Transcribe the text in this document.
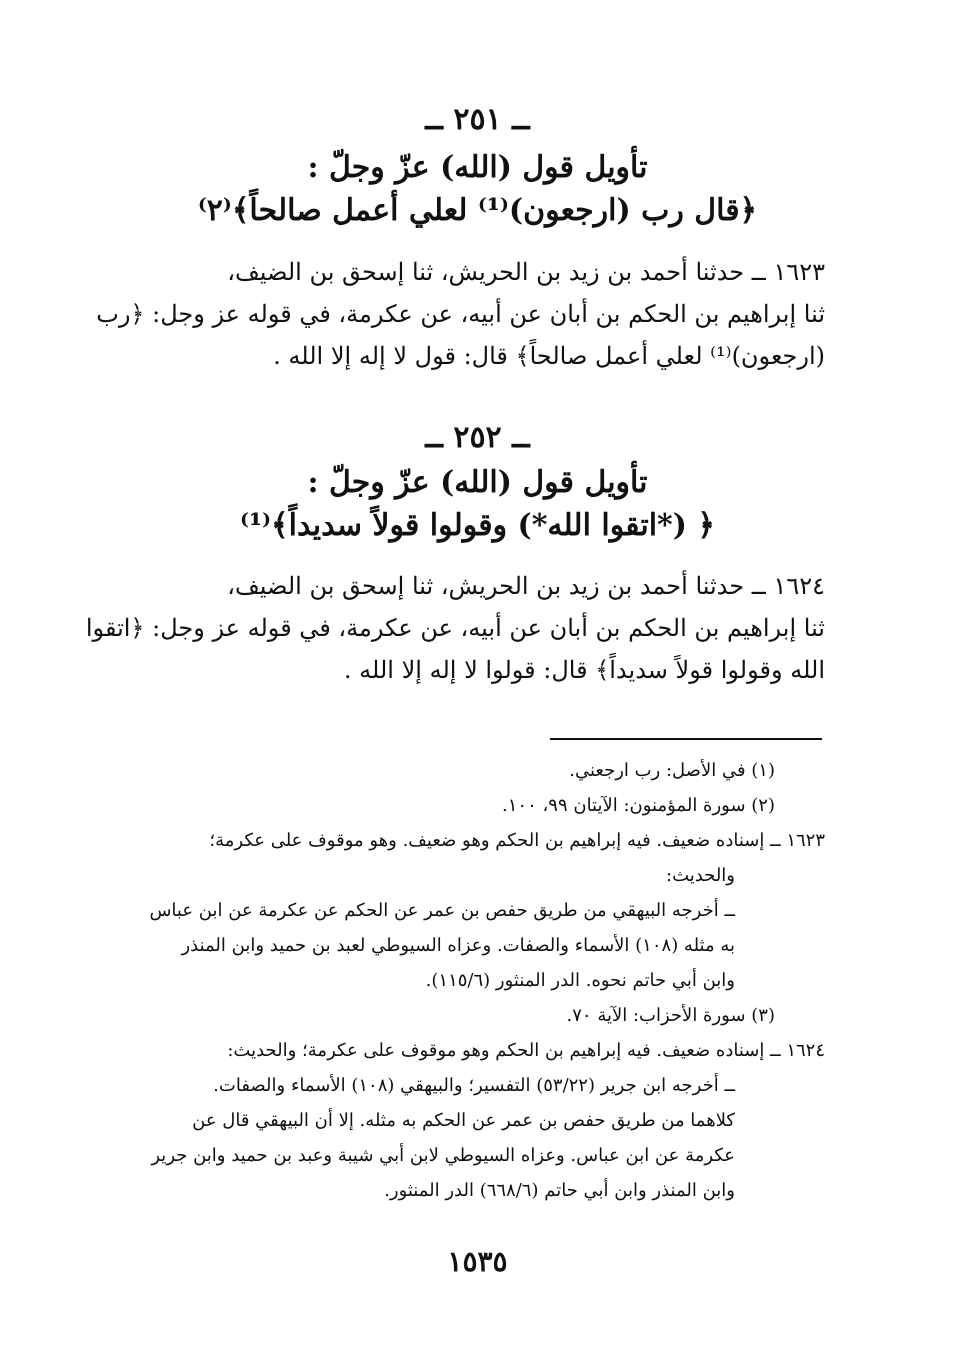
ــ ٢٥١ ــ
تأويل قول (الله) عزّ وجلّ :
﴿قال رب (ارجعون)⁽¹⁾ لعلي أعمل صالحاً﴾⁽٢⁾
١٦٢٣ ــ حدثنا أحمد بن زيد بن الحريش، ثنا إسحق بن الضيف،
ثنا إبراهيم بن الحكم بن أبان عن أبيه، عن عكرمة، في قوله عز وجل: ﴿رب
(ارجعون)⁽¹⁾ لعلي أعمل صالحاً﴾ قال: قول لا إله إلا الله .
ــ ٢٥٢ ــ
تأويل قول (الله) عزّ وجلّ :
﴿ (*اتقوا الله*) وقولوا قولاً سديداً﴾⁽¹⁾
١٦٢٤ ــ حدثنا أحمد بن زيد بن الحريش، ثنا إسحق بن الضيف،
ثنا إبراهيم بن الحكم بن أبان عن أبيه، عن عكرمة، في قوله عز وجل: ﴿اتقوا
الله وقولوا قولاً سديداً﴾ قال: قولوا لا إله إلا الله .
(١) في الأصل: رب ارجعني.
(٢) سورة المؤمنون: الآيتان ٩٩، ١٠٠.
١٦٢٣ ــ إسناده ضعيف. فيه إبراهيم بن الحكم وهو ضعيف. وهو موقوف على عكرمة؛
والحديث:
ــ أخرجه البيهقي من طريق حفص بن عمر عن الحكم عن عكرمة عن ابن عباس
به مثله (١٠٨) الأسماء والصفات. وعزاه السيوطي لعبد بن حميد وابن المنذر
وابن أبي حاتم نحوه. الدر المنثور (١١٥/٦).
(٣) سورة الأحزاب: الآية ٧٠.
١٦٢٤ ــ إسناده ضعيف. فيه إبراهيم بن الحكم وهو موقوف على عكرمة؛ والحديث:
ــ أخرجه ابن جرير (٥٣/٢٢) التفسير؛ والبيهقي (١٠٨) الأسماء والصفات.
كلاهما من طريق حفص بن عمر عن الحكم به مثله. إلا أن البيهقي قال عن
عكرمة عن ابن عباس. وعزاه السيوطي لابن أبي شيبة وعبد بن حميد وابن جرير
وابن المنذر وابن أبي حاتم (٦٦٨/٦) الدر المنثور.
١٥٣٥
